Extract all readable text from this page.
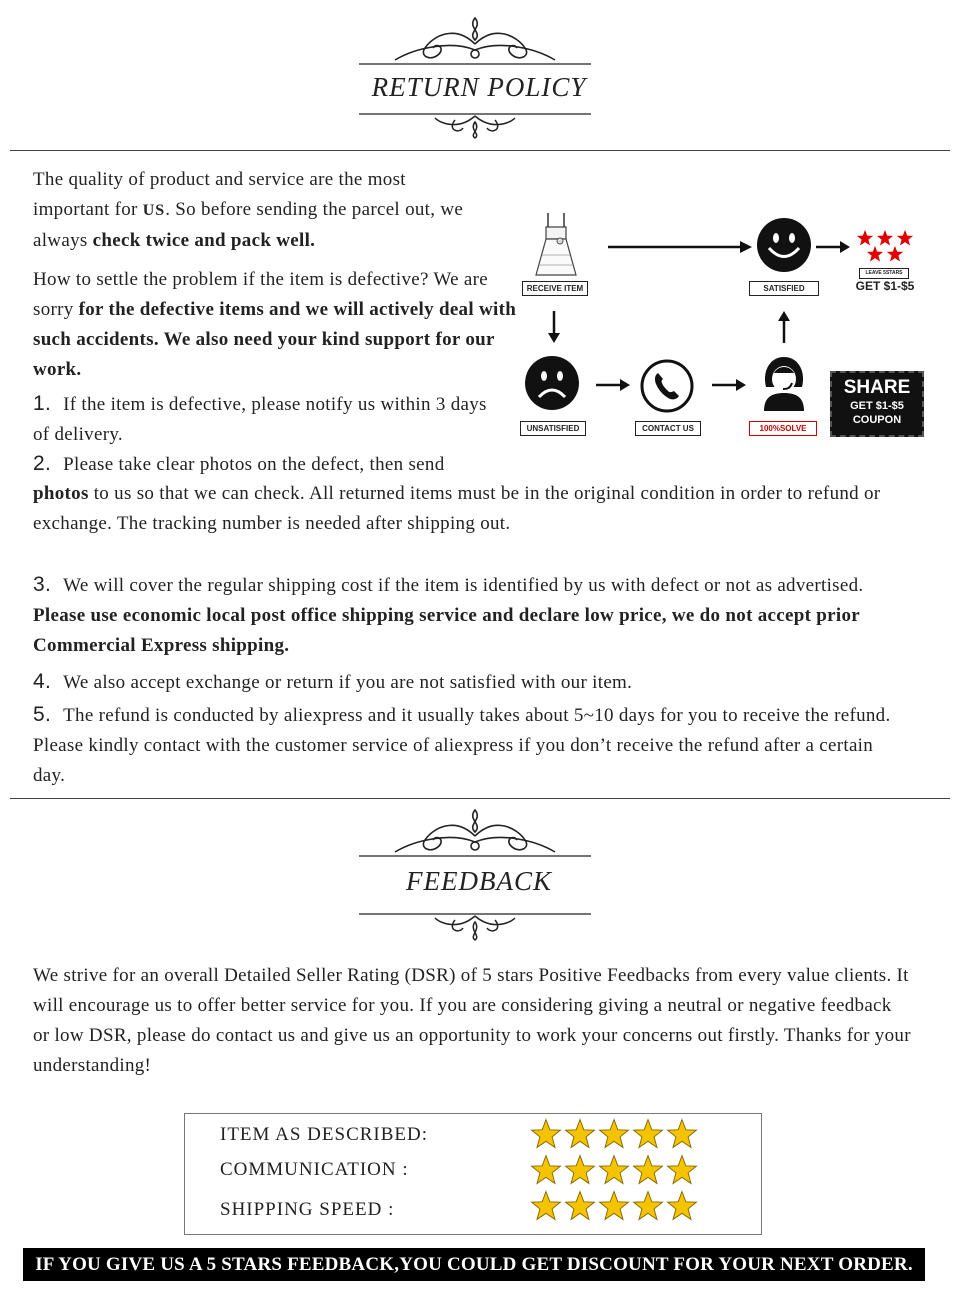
RETURN POLICY

The quality of product and service are the most important for US. So before sending the parcel out, we always check twice and pack well.

How to settle the problem if the item is defective? We are sorry for the defective items and we will actively deal with such accidents. We also need your kind support for our work.

1. If the item is defective, please notify us within 3 days of delivery.

2. Please take clear photos on the defect, then send

photos to us so that we can check. All returned items must be in the original condition in order to refund or exchange. The tracking number is needed after shipping out.

3. We will cover the regular shipping cost if the item is identified by us with defect or not as advertised. Please use economic local post office shipping service and declare low price, we do not accept prior Commercial Express shipping.

4. We also accept exchange or return if you are not satisfied with our item.

5. The refund is conducted by aliexpress and it usually takes about 5~10 days for you to receive the refund. Please kindly contact with the customer service of aliexpress if you don’t receive the refund after a certain day.

RECEIVE ITEM	SATISFIED
LEAVE 5STARS
GET $1-$5
UNSATISFIED	CONTACT US	100%SOLVE
SHARE
GET $1-$5
COUPON
FEEDBACK

We strive for an overall Detailed Seller Rating (DSR) of 5 stars Positive Feedbacks from every value clients. It will encourage us to offer better service for you. If you are considering giving a neutral or negative feedback or low DSR, please do contact us and give us an opportunity to work your concerns out firstly. Thanks for your understanding!

ITEM AS DESCRIBED:
COMMUNICATION :
SHIPPING SPEED :
IF YOU GIVE US A 5 STARS FEEDBACK,YOU COULD GET DISCOUNT FOR YOUR NEXT ORDER.
